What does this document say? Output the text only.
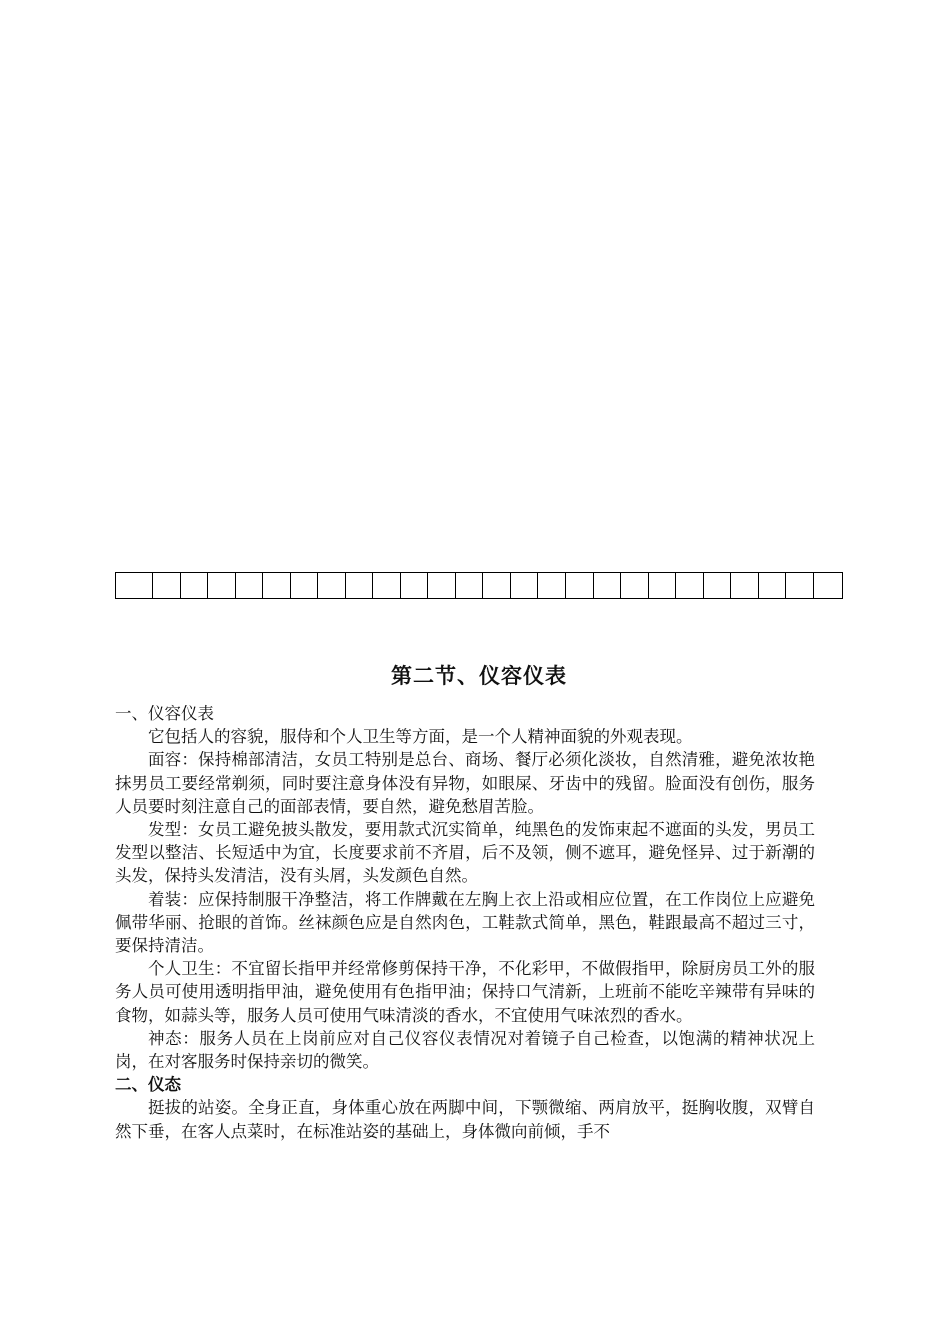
第二节、仪容仪表

一、仪容仪表

它包括人的容貌，服侍和个人卫生等方面，是一个人精神面貌的外观表现。

面容：保持棉部清洁，女员工特别是总台、商场、餐厅必须化淡妆，自然清雅，避免浓妆艳抹男员工要经常剃须，同时要注意身体没有异物，如眼屎、牙齿中的残留。脸面没有创伤，服务人员要时刻注意自己的面部表情，要自然，避免愁眉苦脸。

发型：女员工避免披头散发，要用款式沉实简单，纯黑色的发饰束起不遮面的头发，男员工发型以整洁、长短适中为宜，长度要求前不齐眉，后不及领，侧不遮耳，避免怪异、过于新潮的头发，保持头发清洁，没有头屑，头发颜色自然。

着装：应保持制服干净整洁，将工作牌戴在左胸上衣上沿或相应位置，在工作岗位上应避免佩带华丽、抢眼的首饰。丝袜颜色应是自然肉色，工鞋款式简单，黑色，鞋跟最高不超过三寸，要保持清洁。

个人卫生：不宜留长指甲并经常修剪保持干净，不化彩甲，不做假指甲，除厨房员工外的服务人员可使用透明指甲油，避免使用有色指甲油；保持口气清新，上班前不能吃辛辣带有异味的食物，如蒜头等，服务人员可使用气味清淡的香水，不宜使用气味浓烈的香水。

神态：服务人员在上岗前应对自己仪容仪表情况对着镜子自己检查，以饱满的精神状况上岗，在对客服务时保持亲切的微笑。

二、仪态

挺拔的站姿。全身正直，身体重心放在两脚中间，下颚微缩、两肩放平，挺胸收腹，双臂自然下垂，在客人点菜时，在标准站姿的基础上，身体微向前倾，手不
